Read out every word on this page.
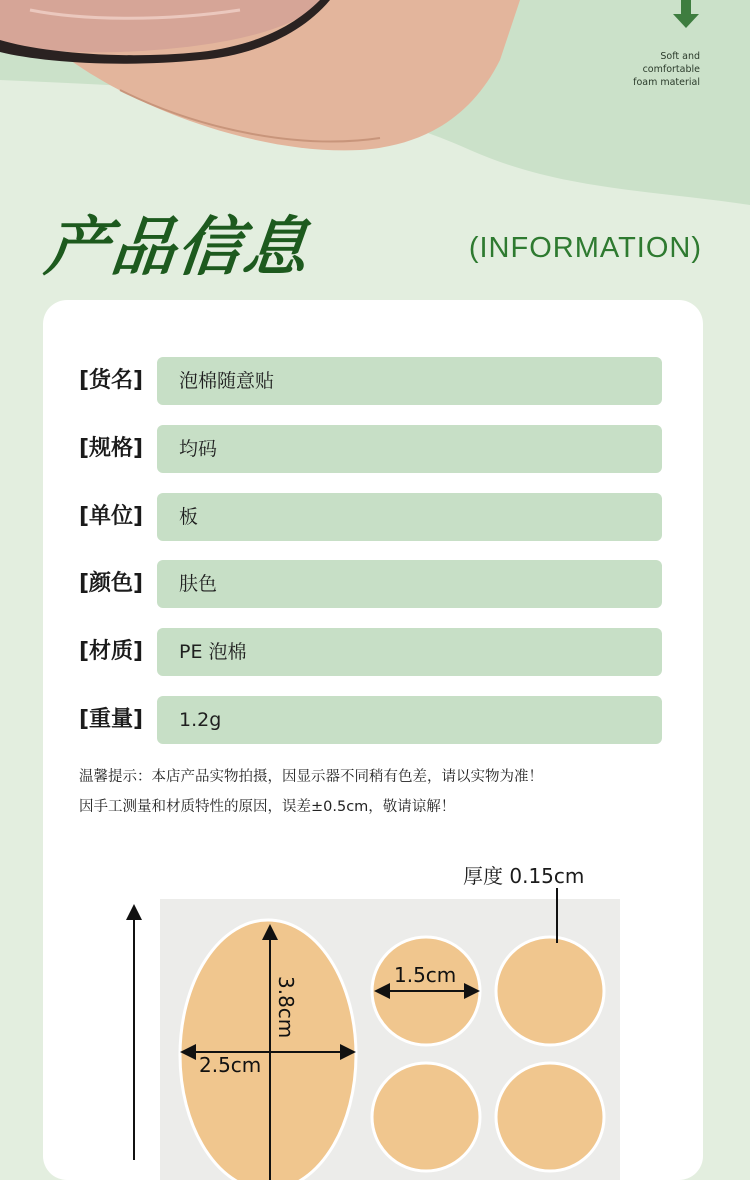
Soft and
comfortable
foam material
产品信息	(INFORMATION)
[货名]	泡棉随意贴
[规格]	均码
[单位]	板
[颜色]	肤色
[材质]	PE 泡棉
[重量]	1.2g
温馨提示：本店产品实物拍摄，因显示器不同稍有色差，请以实物为准！
因手工测量和材质特性的原因，误差±0.5cm，敬请谅解！
厚度 0.15cm
3.8cm
2.5cm
1.5cm
